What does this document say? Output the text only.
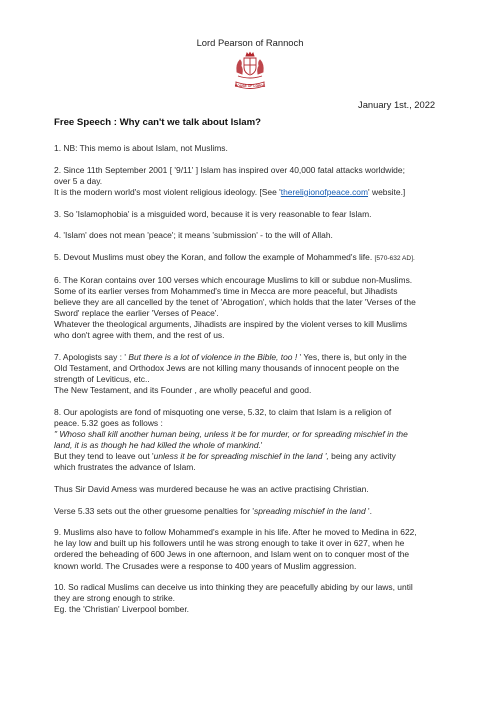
Lord Pearson of Rannoch
HOUSE OF LORDS
January 1st., 2022
Free Speech : Why can't we talk about Islam?
1. NB: This memo is about Islam, not Muslims.
2. Since 11th September 2001 [ '9/11' ] Islam has inspired over 40,000 fatal attacks worldwide;
over 5 a day.
It is the modern world's most violent religious ideology. [See 'thereligionofpeace.com' website.]
3. So 'Islamophobia' is a misguided word, because it is very reasonable to fear Islam.
4. 'Islam' does not mean 'peace'; it means 'submission' - to the will of Allah.
5. Devout Muslims must obey the Koran, and follow the example of Mohammed's life. [570-632 AD].
6. The Koran contains over 100 verses which encourage Muslims to kill or subdue non-Muslims.
Some of its earlier verses from Mohammed's time in Mecca are more peaceful, but Jihadists
believe they are all cancelled by the tenet of 'Abrogation', which holds that the later 'Verses of the
Sword' replace the earlier 'Verses of Peace'.
Whatever the theological arguments, Jihadists are inspired by the violent verses to kill Muslims
who don't agree with them, and the rest of us.
7. Apologists say : ' But there is a lot of violence in the Bible, too ! ' Yes, there is, but only in the
Old Testament, and Orthodox Jews are not killing many thousands of innocent people on the
strength of Leviticus, etc..
The New Testament, and its Founder , are wholly peaceful and good.
8. Our apologists are fond of misquoting one verse, 5.32, to claim that Islam is a religion of
peace. 5.32 goes as follows :
" Whoso shall kill another human being, unless it be for murder, or for spreading mischief in the
land, it is as though he had killed the whole of mankind.'
But they tend to leave out 'unless it be for spreading mischief in the land ', being any activity
which frustrates the advance of Islam.
Thus Sir David Amess was murdered because he was an active practising Christian.
Verse 5.33 sets out the other gruesome penalties for 'spreading mischief in the land '.
9. Muslims also have to follow Mohammed's example in his life. After he moved to Medina in 622,
he lay low and built up his followers until he was strong enough to take it over in 627, when he
ordered the beheading of 600 Jews in one afternoon, and Islam went on to conquer most of the
known world. The Crusades were a response to 400 years of Muslim aggression.
10. So radical Muslims can deceive us into thinking they are peacefully abiding by our laws, until
they are strong enough to strike.
Eg. the 'Christian' Liverpool bomber.
